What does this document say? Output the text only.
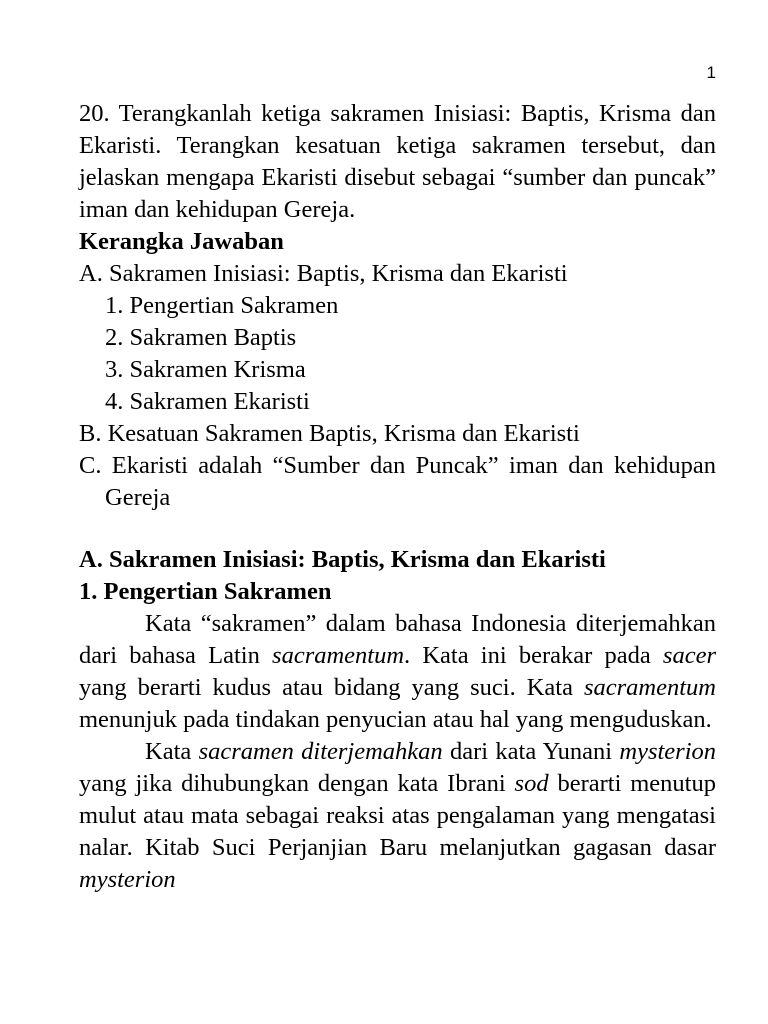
1

20. Terangkanlah ketiga sakramen Inisiasi: Baptis, Krisma dan Ekaristi. Terangkan kesatuan ketiga sakramen tersebut, dan jelaskan mengapa Ekaristi disebut sebagai “sumber dan puncak” iman dan kehidupan Gereja.

Kerangka Jawaban

A. Sakramen Inisiasi: Baptis, Krisma dan Ekaristi

1. Pengertian Sakramen

2. Sakramen Baptis

3. Sakramen Krisma

4. Sakramen Ekaristi

B. Kesatuan Sakramen Baptis, Krisma dan Ekaristi

C. Ekaristi adalah “Sumber dan Puncak” iman dan kehidupan Gereja

A. Sakramen Inisiasi: Baptis, Krisma dan Ekaristi

1. Pengertian Sakramen

Kata “sakramen” dalam bahasa Indonesia diterjemahkan dari bahasa Latin sacramentum. Kata ini berakar pada sacer yang berarti kudus atau bidang yang suci. Kata sacramentum menunjuk pada tindakan penyucian atau hal yang menguduskan.

Kata sacramen diterjemahkan dari kata Yunani mysterion yang jika dihubungkan dengan kata Ibrani sod berarti menutup mulut atau mata sebagai reaksi atas pengalaman yang mengatasi nalar. Kitab Suci Perjanjian Baru melanjutkan gagasan dasar mysterion
